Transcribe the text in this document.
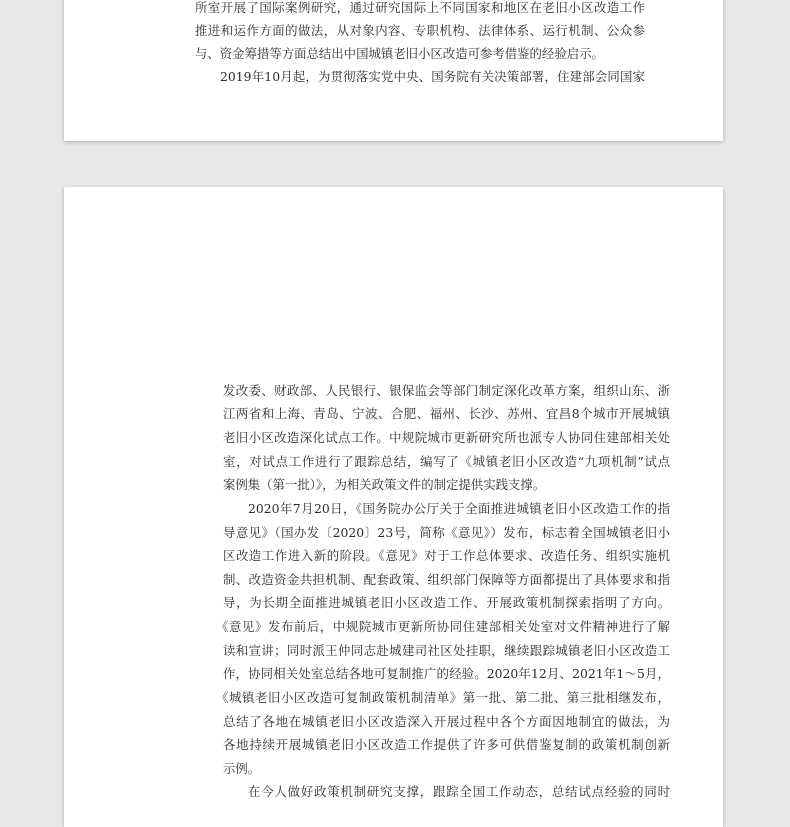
所室开展了国际案例研究，通过研究国际上不同国家和地区在老旧小区改造工作
推进和运作方面的做法，从对象内容、专职机构、法律体系、运行机制、公众参
与、资金筹措等方面总结出中国城镇老旧小区改造可参考借鉴的经验启示。
2019年10月起，为贯彻落实党中央、国务院有关决策部署，住建部会同国家
发改委、财政部、人民银行、银保监会等部门制定深化改革方案，组织山东、浙
江两省和上海、青岛、宁波、合肥、福州、长沙、苏州、宜昌8个城市开展城镇
老旧小区改造深化试点工作。中规院城市更新研究所也派专人协同住建部相关处
室，对试点工作进行了跟踪总结，编写了《城镇老旧小区改造“九项机制”试点
案例集（第一批）》，为相关政策文件的制定提供实践支撑。
2020年7月20日，《国务院办公厅关于全面推进城镇老旧小区改造工作的指
导意见》（国办发〔2020〕23号，简称《意见》）发布，标志着全国城镇老旧小
区改造工作进入新的阶段。《意见》对于工作总体要求、改造任务、组织实施机
制、改造资金共担机制、配套政策、组织部门保障等方面都提出了具体要求和指
导，为长期全面推进城镇老旧小区改造工作、开展政策机制探索指明了方向。
《意见》发布前后，中规院城市更新所协同住建部相关处室对文件精神进行了解
读和宣讲；同时派王仲同志赴城建司社区处挂职，继续跟踪城镇老旧小区改造工
作，协同相关处室总结各地可复制推广的经验。2020年12月、2021年1～5月，
《城镇老旧小区改造可复制政策机制清单》第一批、第二批、第三批相继发布，
总结了各地在城镇老旧小区改造深入开展过程中各个方面因地制宜的做法，为
各地持续开展城镇老旧小区改造工作提供了许多可供借鉴复制的政策机制创新
示例。
在今人做好政策机制研究支撑，跟踪全国工作动态，总结试点经验的同时
